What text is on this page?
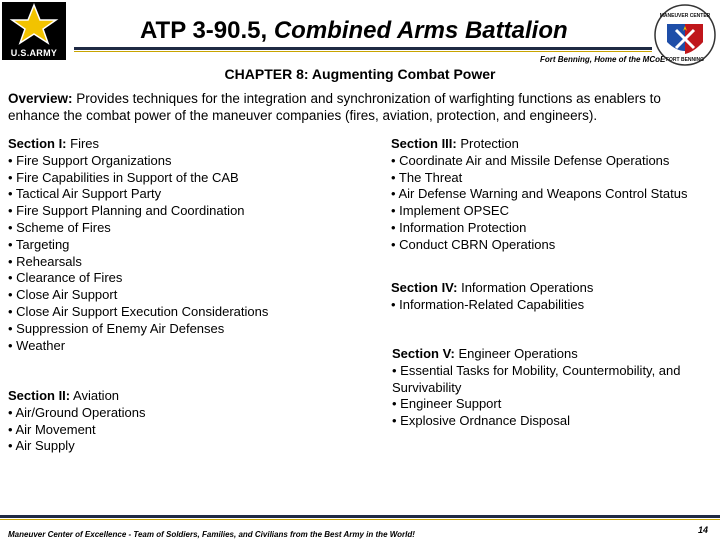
U.S.ARMY
ATP 3-90.5, Combined Arms Battalion
Fort Benning, Home of the MCoE
MANEUVER CENTER
FORT BENNING
CHAPTER 8: Augmenting Combat Power
Overview: Provides techniques for the integration and synchronization of warfighting functions as enablers to enhance the combat power of the maneuver companies (fires, aviation, protection, and engineers).
Section I: Fires
• Fire Support Organizations
• Fire Capabilities in Support of the CAB
• Tactical Air Support Party
• Fire Support Planning and Coordination
• Scheme of Fires
• Targeting
• Rehearsals
• Clearance of Fires
• Close Air Support
• Close Air Support Execution Considerations
• Suppression of Enemy Air Defenses
• Weather
Section II: Aviation
• Air/Ground Operations
• Air Movement
• Air Supply
Section III: Protection
• Coordinate Air and Missile Defense Operations
• The Threat
• Air Defense Warning and Weapons Control Status
• Implement OPSEC
• Information Protection
• Conduct CBRN Operations
Section IV: Information Operations
• Information-Related Capabilities
Section V: Engineer Operations
• Essential Tasks for Mobility, Countermobility, and Survivability
• Engineer Support
• Explosive Ordnance Disposal
Maneuver Center of Excellence - Team of Soldiers, Families, and Civilians from the Best Army in the World!	14
